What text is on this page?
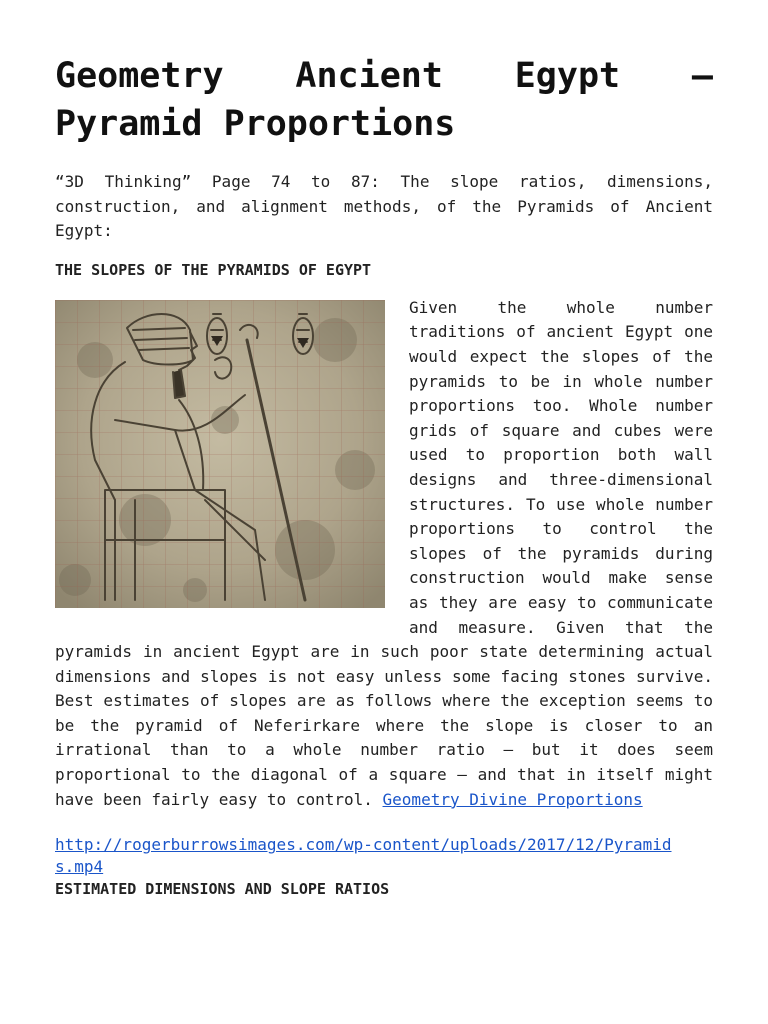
Geometry Ancient Egypt – Pyramid Proportions

“3D Thinking” Page 74 to 87: The slope ratios, dimensions, construction, and alignment methods, of the Pyramids of Ancient Egypt:

THE SLOPES OF THE PYRAMIDS OF EGYPT

Given the whole number traditions of ancient Egypt one would expect the slopes of the pyramids to be in whole number proportions too. Whole number grids of square and cubes were used to proportion both wall designs and three-dimensional structures. To use whole number proportions to control the slopes of the pyramids during construction would make sense as they are easy to communicate and measure. Given that the pyramids in ancient Egypt are in such poor state determining actual dimensions and slopes is not easy unless some facing stones survive. Best estimates of slopes are as follows where the exception seems to be the pyramid of Neferirkare where the slope is closer to an irrational than to a whole number ratio – but it does seem proportional to the diagonal of a square – and that in itself might have been fairly easy to control. Geometry Divine Proportions

http://rogerburrowsimages.com/wp-content/uploads/2017/12/Pyramids.mp4
ESTIMATED DIMENSIONS AND SLOPE RATIOS
